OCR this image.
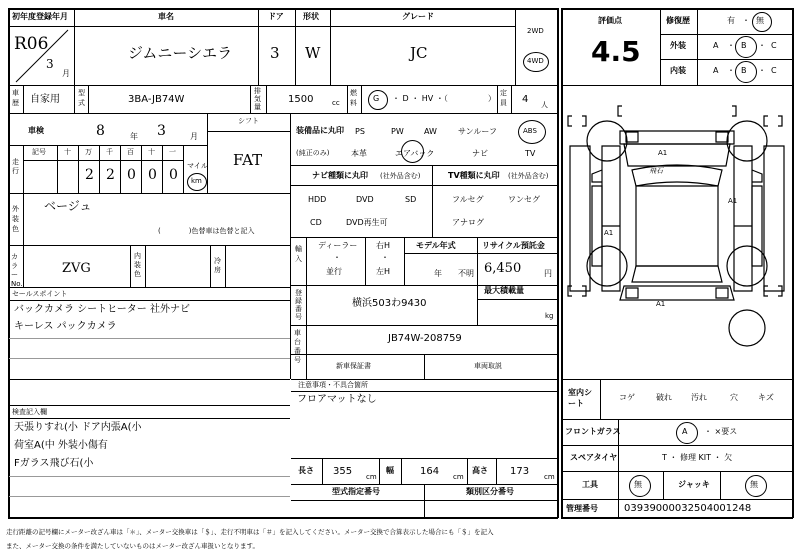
初年度登録年月
R06
3
月
車名
ジムニーシエラ
ドア
3
形状
W
グレード
JC
2WD
4WD
車歴 自家用
型式	3BA-JB74W
排気量
1500	cc
燃料 G ・ D ・ HV ・（　　　　　）
定員 4 人
車検	8	年 3	月
シフト
FAT
走行
記号	十 万 千 百 十 一
2 2 0 0 0
マイル
km
装備品に丸印
(純正のみ)
PS	PW	AW	サンルーフ	ABS
本革	エアバック	ナビ	TV
ナビ種類に丸印 (社外品含む)
HDD	DVD	SD
CD	DVD再生可
TV種類に丸印 (社外品含む)
フルセグ	ワンセグ
アナログ
外装色
ベージュ
(　　　　)色替車は色替と記入
カラーNo.
ZVG
内装色
冷房
輸入
ディーラー
・
並行
右H
・
左H
モデル年式
年 不明
リサイクル預託金
6,450	円
セールスポイント
バックカメラ シートヒーター 社外ナビ
キーレス パックカメラ
登録番号
横浜503わ9430
最大積載量
kg
車台番号
JB74W-208759
新車保証書	車両取説
注意事項・不具合箇所
フロアマットなし
検査記入欄
天張りすれ(小 ドア内張A(小
荷室A(中 外装小傷有
Fガラス飛び石(小
長さ 355 cm
幅	164 cm
高さ 173 cm
型式指定番号	類別区分番号
評価点
4.5
修復歴	有 ・ 無
外装	A ・ B ・ C
内装	A ・ B ・ C
A1
飛石
A1
A1
A1
室内シート
コゲ	破れ 汚れ	穴	キズ
フロントガラス	A ・ ×要ス
スペアタイヤ	T ・ 修理 KIT ・ 欠
工具	無	ジャッキ	無
管理番号	03939000032504001248
走行距離の記号欄にメーター改ざん車は「＊」、メーター交換車は「＄」、走行不明車は「＃」を記入してください。メーター交換で合算表示した場合にも「＄」を記入
また、メーター交換の条件を満たしていないものはメーター改ざん車扱いとなります。
